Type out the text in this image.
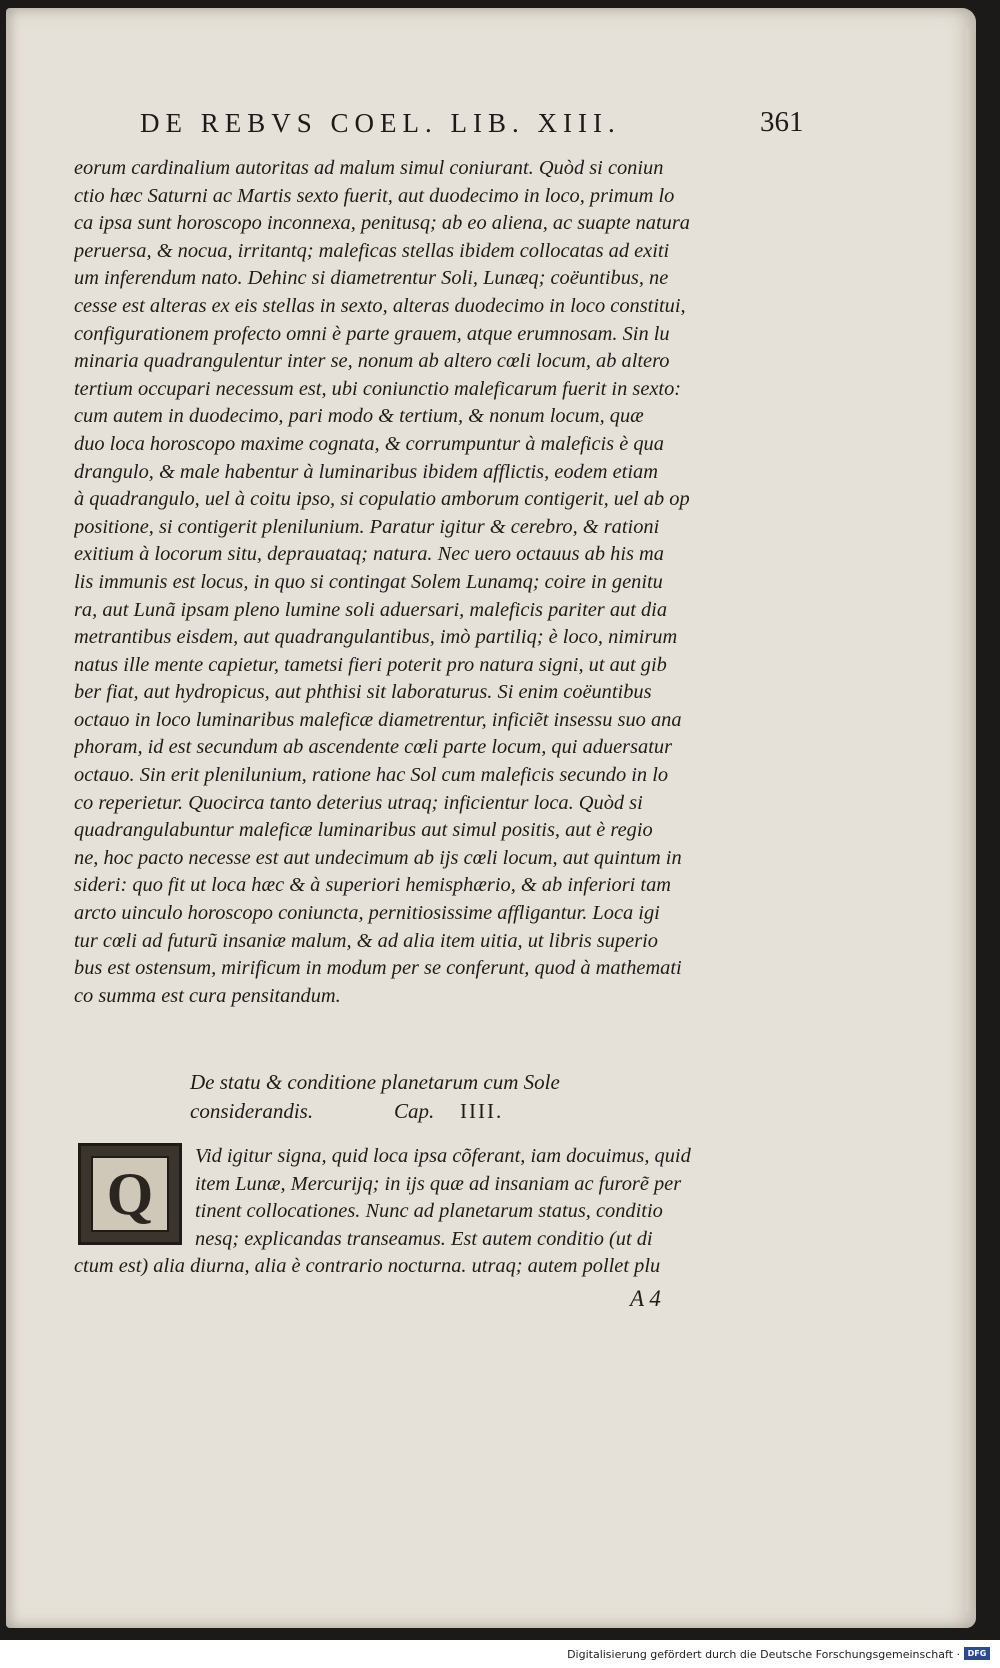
DE REBVS COEL. LIB. XIII.	361
eorum cardinalium autoritas ad malum simul coniurant. Quòd si coniun
ctio hæc Saturni ac Martis sexto fuerit, aut duodecimo in loco, primum lo
ca ipsa sunt horoscopo inconnexa, penitusq; ab eo aliena, ac suapte natura
peruersa, & nocua, irritantq; maleficas stellas ibidem collocatas ad exiti
um inferendum nato. Dehinc si diametrentur Soli, Lunæq; coëuntibus, ne
cesse est alteras ex eis stellas in sexto, alteras duodecimo in loco constitui,
configurationem profecto omni è parte grauem, atque erumnosam. Sin lu
minaria quadrangulentur inter se, nonum ab altero cœli locum, ab altero
tertium occupari necessum est, ubi coniunctio maleficarum fuerit in sexto:
cum autem in duodecimo, pari modo & tertium, & nonum locum, quæ
duo loca horoscopo maxime cognata, & corrumpuntur à maleficis è qua
drangulo, & male habentur à luminaribus ibidem afflictis, eodem etiam
à quadrangulo, uel à coitu ipso, si copulatio amborum contigerit, uel ab op
positione, si contigerit plenilunium. Paratur igitur & cerebro, & rationi
exitium à locorum situ, deprauataq; natura. Nec uero octauus ab his ma
lis immunis est locus, in quo si contingat Solem Lunamq; coire in genitu
ra, aut Lunã ipsam pleno lumine soli aduersari, maleficis pariter aut dia
metrantibus eisdem, aut quadrangulantibus, imò partiliq; è loco, nimirum
natus ille mente capietur, tametsi fieri poterit pro natura signi, ut aut gib
ber fiat, aut hydropicus, aut phthisi sit laboraturus. Si enim coëuntibus
octauo in loco luminaribus maleficæ diametrentur, inficiẽt insessu suo ana
phoram, id est secundum ab ascendente cœli parte locum, qui aduersatur
octauo. Sin erit plenilunium, ratione hac Sol cum maleficis secundo in lo
co reperietur. Quocirca tanto deterius utraq; inficientur loca. Quòd si
quadrangulabuntur maleficæ luminaribus aut simul positis, aut è regio
ne, hoc pacto necesse est aut undecimum ab ijs cœli locum, aut quintum in
sideri: quo fit ut loca hæc & à superiori hemisphærio, & ab inferiori tam
arcto uinculo horoscopo coniuncta, pernitiosissime affligantur. Loca igi
tur cœli ad futurũ insaniæ malum, & ad alia item uitia, ut libris superio
bus est ostensum, mirificum in modum per se conferunt, quod à mathemati
co summa est cura pensitandum.
De statu & conditione planetarum cum Sole
considerandis.	Cap. IIII.
Q
Vid igitur signa, quid loca ipsa cõferant, iam docuimus, quid
item Lunæ, Mercurijq; in ijs quæ ad insaniam ac furorẽ per
tinent collocationes. Nunc ad planetarum status, conditio
nesq; explicandas transeamus. Est autem conditio (ut di
ctum est) alia diurna, alia è contrario nocturna. utraq; autem pollet plu
A 4
Digitalisierung gefördert durch die Deutsche Forschungsgemeinschaft · DFG
